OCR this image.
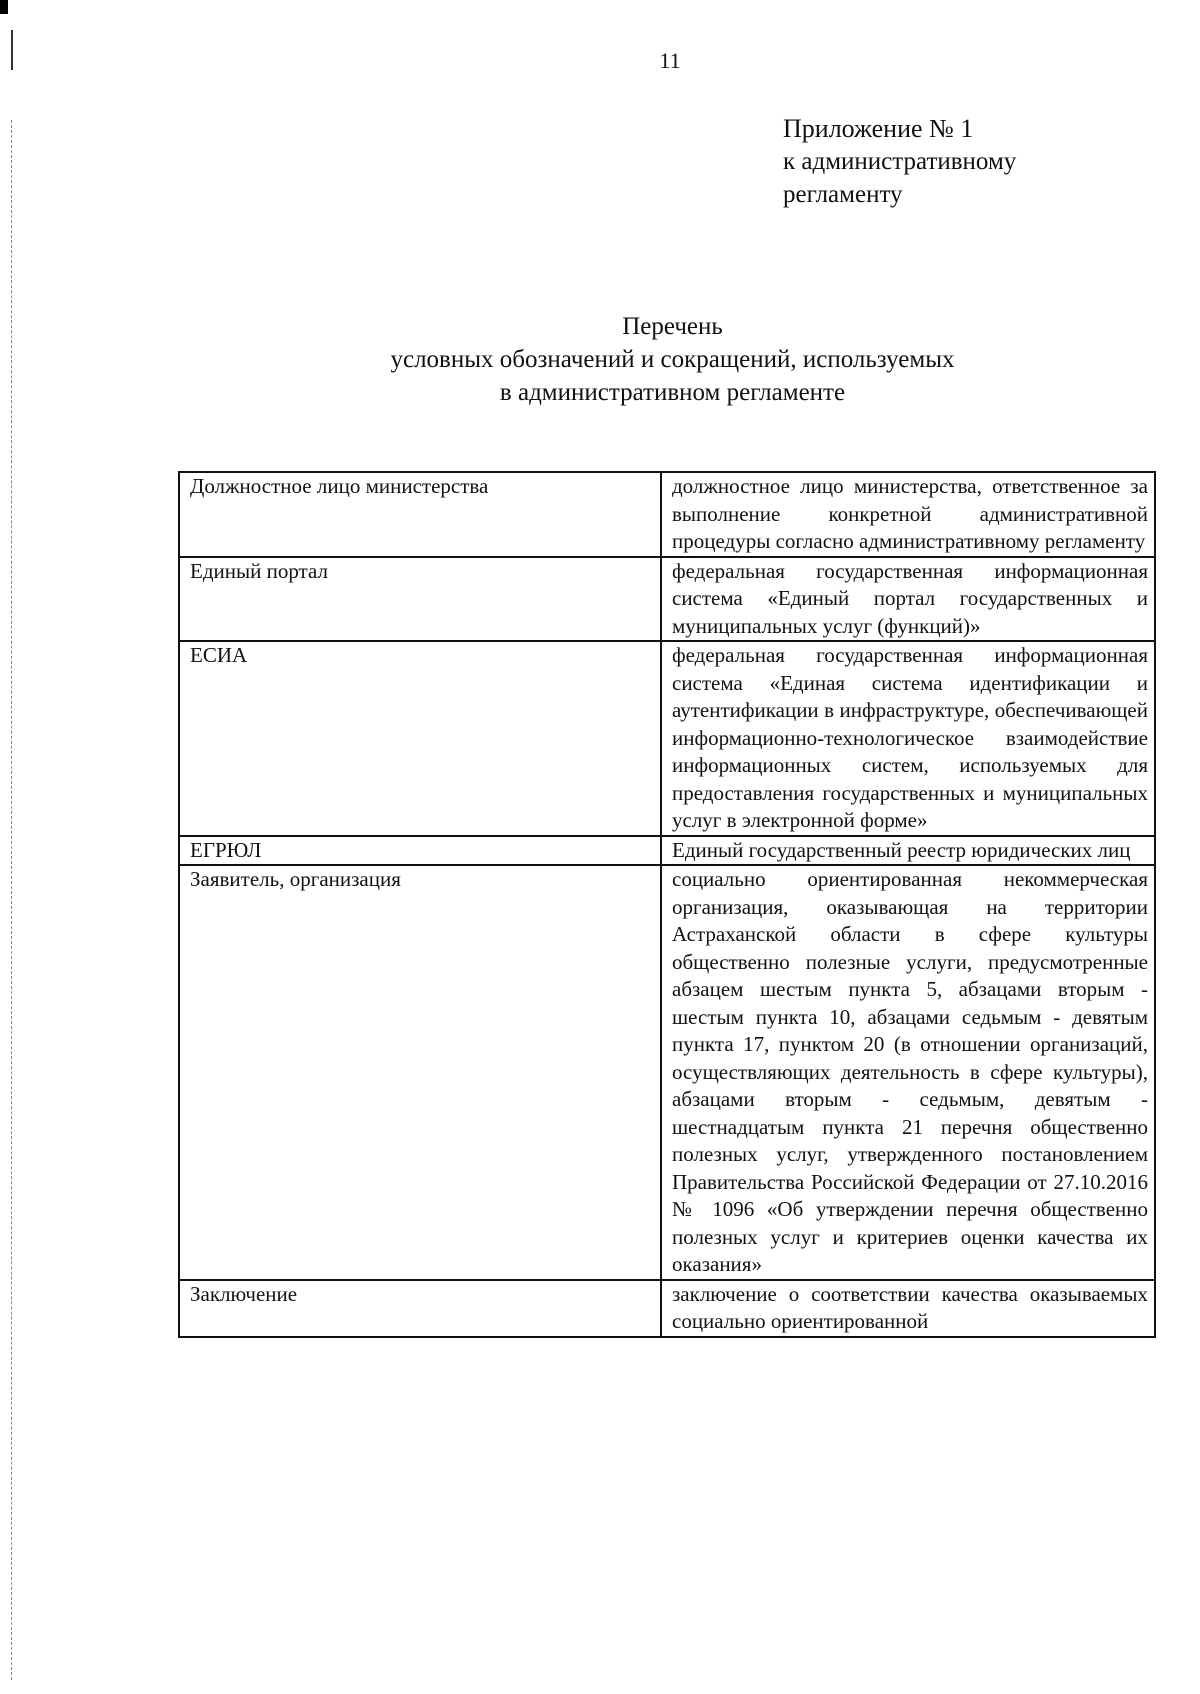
11
Приложение № 1
к административному
регламенту
Перечень
условных обозначений и сокращений, используемых
в административном регламенте
Должностное лицо министерства	должностное лицо министерства, ответственное за выполнение конкретной административной процедуры согласно административному регламенту
Единый портал	федеральная государственная информационная система «Единый портал государственных и муниципальных услуг (функций)»
ЕСИА	федеральная государственная информационная система «Единая система идентификации и аутентификации в инфраструктуре, обеспечивающей информационно-технологическое взаимодействие информационных систем, используемых для предоставления государственных и муниципальных услуг в электронной форме»
ЕГРЮЛ	Единый государственный реестр юридических лиц
Заявитель, организация	социально ориентированная некоммерческая организация, оказывающая на территории Астраханской области в сфере культуры общественно полезные услуги, предусмотренные абзацем шестым пункта 5, абзацами вторым - шестым пункта 10, абзацами седьмым - девятым пункта 17, пунктом 20 (в отношении организаций, осуществляющих деятельность в сфере культуры), абзацами вторым - седьмым, девятым - шестнадцатым пункта 21 перечня общественно полезных услуг, утвержденного постановлением Правительства Российской Федерации от 27.10.2016 № 1096 «Об утверждении перечня общественно полезных услуг и критериев оценки качества их оказания»
Заключение	заключение о соответствии качества оказываемых социально ориентированной
